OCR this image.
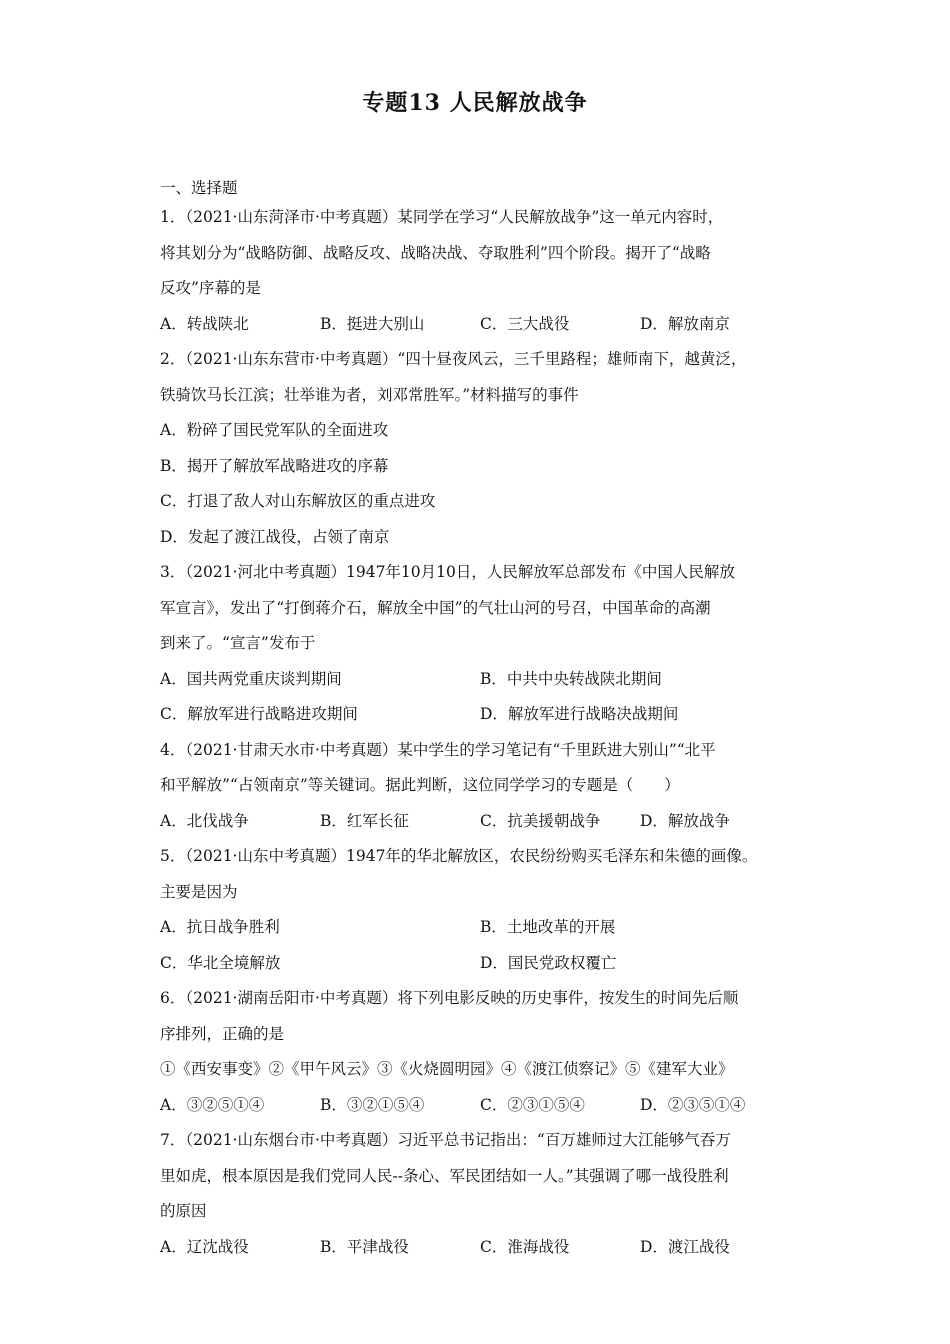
专题13 人民解放战争
一、选择题
1．（2021·山东菏泽市·中考真题）某同学在学习“人民解放战争”这一单元内容时，
将其划分为“战略防御、战略反攻、战略决战、夺取胜利”四个阶段。揭开了“战略
反攻”序幕的是
A．转战陕北	B．挺进大别山	C．三大战役	D．解放南京
2．（2021·山东东营市·中考真题）“四十昼夜风云，三千里路程；雄师南下，越黄泛，
铁骑饮马长江滨；壮举谁为者，刘邓常胜军。”材料描写的事件
A．粉碎了国民党军队的全面进攻
B．揭开了解放军战略进攻的序幕
C．打退了敌人对山东解放区的重点进攻
D．发起了渡江战役，占领了南京
3．（2021·河北中考真题）1947年10月10日，人民解放军总部发布《中国人民解放
军宣言》，发出了“打倒蒋介石，解放全中国”的气壮山河的号召，中国革命的高潮
到来了。“宣言”发布于
A．国共两党重庆谈判期间	B．中共中央转战陕北期间
C．解放军进行战略进攻期间	D．解放军进行战略决战期间
4．（2021·甘肃天水市·中考真题）某中学生的学习笔记有“千里跃进大别山”“北平
和平解放”“占领南京”等关键词。据此判断，这位同学学习的专题是（　　）
A．北伐战争	B．红军长征	C．抗美援朝战争	D．解放战争
5．（2021·山东中考真题）1947年的华北解放区，农民纷纷购买毛泽东和朱德的画像。
主要是因为
A．抗日战争胜利	B．土地改革的开展
C．华北全境解放	D．国民党政权覆亡
6．（2021·湖南岳阳市·中考真题）将下列电影反映的历史事件，按发生的时间先后顺
序排列，正确的是
①《西安事变》②《甲午风云》③《火烧圆明园》④《渡江侦察记》⑤《建军大业》
A．③②⑤①④	B．③②①⑤④	C．②③①⑤④	D．②③⑤①④
7．（2021·山东烟台市·中考真题）习近平总书记指出：“百万雄师过大江能够气吞万
里如虎，根本原因是我们党同人民--条心、军民团结如一人。”其强调了哪一战役胜利
的原因
A．辽沈战役	B．平津战役	C．淮海战役	D．渡江战役
